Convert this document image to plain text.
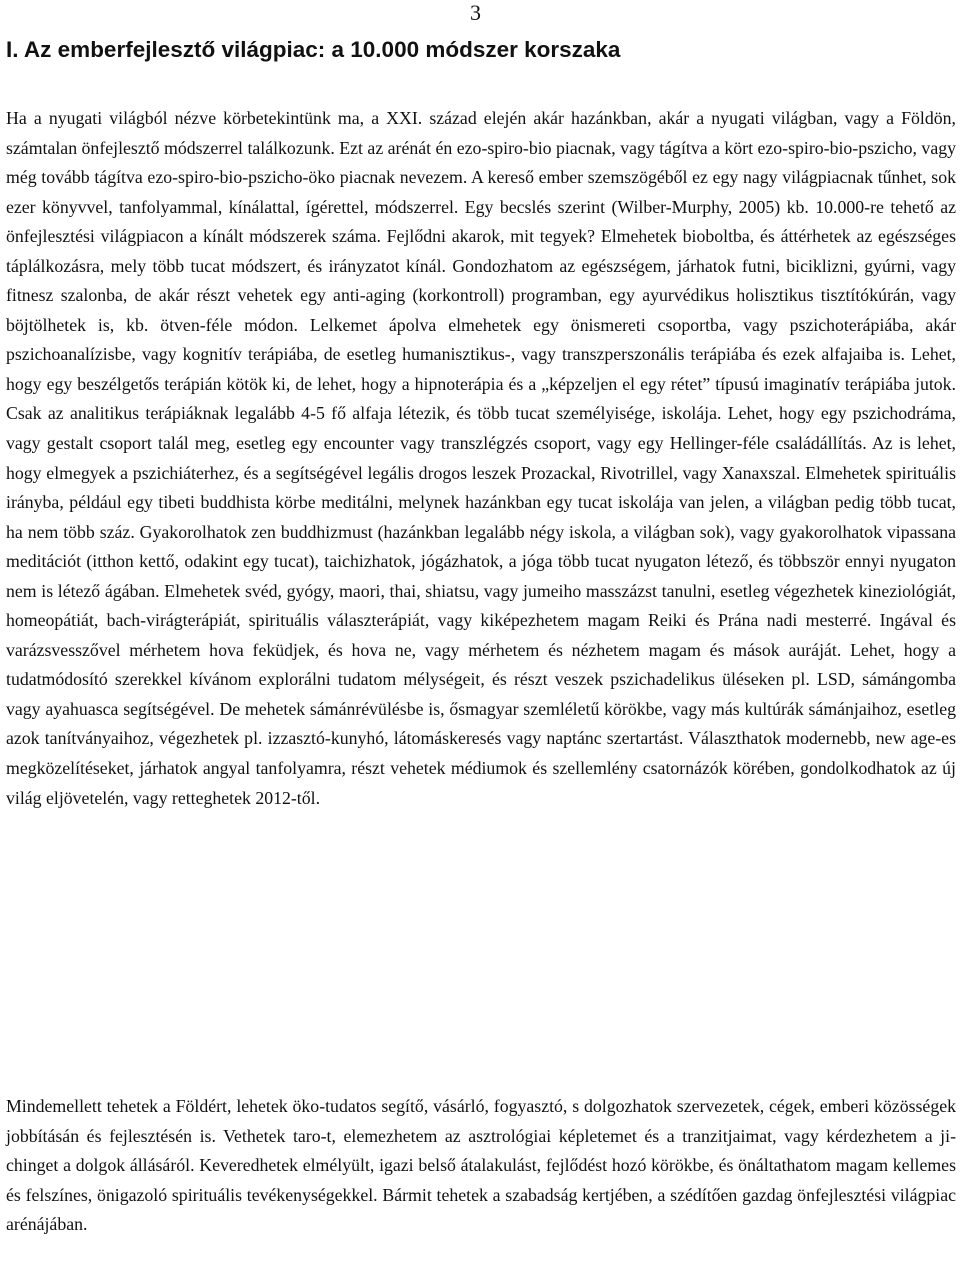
3
I. Az emberfejlesztő világpiac: a 10.000 módszer korszaka

Ha a nyugati világból nézve körbetekintünk ma, a XXI. század elején akár hazánkban, akár a nyugati világban, vagy a Földön, számtalan önfejlesztő módszerrel találkozunk. Ezt az arénát én ezo-spiro-bio piacnak, vagy tágítva a kört ezo-spiro-bio-pszicho, vagy még tovább tágítva ezo-spiro-bio-pszicho-öko piacnak nevezem. A kereső ember szemszögéből ez egy nagy világpiacnak tűnhet, sok ezer könyvvel, tanfolyammal, kínálattal, ígérettel, módszerrel. Egy becslés szerint (Wilber-Murphy, 2005) kb. 10.000-re tehető az önfejlesztési világpiacon a kínált módszerek száma. Fejlődni akarok, mit tegyek? Elmehetek bioboltba, és áttérhetek az egészséges táplálkozásra, mely több tucat módszert, és irányzatot kínál. Gondozhatom az egészségem, járhatok futni, biciklizni, gyúrni, vagy fitnesz szalonba, de akár részt vehetek egy anti-aging (korkontroll) programban, egy ayurvédikus holisztikus tisztítókúrán, vagy böjtölhetek is, kb. ötven-féle módon. Lelkemet ápolva elmehetek egy önismereti csoportba, vagy pszichoterápiába, akár pszichoanalízisbe, vagy kognitív terápiába, de esetleg humanisztikus-, vagy transzperszonális terápiába és ezek alfajaiba is. Lehet, hogy egy beszélgetős terápián kötök ki, de lehet, hogy a hipnoterápia és a „képzeljen el egy rétet” típusú imaginatív terápiába jutok. Csak az analitikus terápiáknak legalább 4-5 fő alfaja létezik, és több tucat személyisége, iskolája. Lehet, hogy egy pszichodráma, vagy gestalt csoport talál meg, esetleg egy encounter vagy transzlégzés csoport, vagy egy Hellinger-féle családállítás. Az is lehet, hogy elmegyek a pszichiáterhez, és a segítségével legális drogos leszek Prozackal, Rivotrillel, vagy Xanaxszal. Elmehetek spirituális irányba, például egy tibeti buddhista körbe meditálni, melynek hazánkban egy tucat iskolája van jelen, a világban pedig több tucat, ha nem több száz. Gyakorolhatok zen buddhizmust (hazánkban legalább négy iskola, a világban sok), vagy gyakorolhatok vipassana meditációt (itthon kettő, odakint egy tucat), taichizhatok, jógázhatok, a jóga több tucat nyugaton létező, és többször ennyi nyugaton nem is létező ágában. Elmehetek svéd, gyógy, maori, thai, shiatsu, vagy jumeiho masszázst tanulni, esetleg végezhetek kineziológiát, homeopátiát, bach-virágterápiát, spirituális választerápiát, vagy kiképezhetem magam Reiki és Prána nadi mesterré. Ingával és varázsvesszővel mérhetem hova feküdjek, és hova ne, vagy mérhetem és nézhetem magam és mások auráját. Lehet, hogy a tudatmódosító szerekkel kívánom explorálni tudatom mélységeit, és részt veszek pszichadelikus üléseken pl. LSD, sámángomba vagy ayahuasca segítségével. De mehetek sámánrévülésbe is, ősmagyar szemléletű körökbe, vagy más kultúrák sámánjaihoz, esetleg azok tanítványaihoz, végezhetek pl. izzasztó-kunyhó, látomáskeresés vagy naptánc szertartást. Választhatok modernebb, new age-es megközelítéseket, járhatok angyal tanfolyamra, részt vehetek médiumok és szellemlény csatornázók körében, gondolkodhatok az új világ eljövetelén, vagy retteghetek 2012-től.

Mindemellett tehetek a Földért, lehetek öko-tudatos segítő, vásárló, fogyasztó, s dolgozhatok szervezetek, cégek, emberi közösségek jobbításán és fejlesztésén is. Vethetek taro-t, elemezhetem az asztrológiai képletemet és a tranzitjaimat, vagy kérdezhetem a ji-chinget a dolgok állásáról. Keveredhetek elmélyült, igazi belső átalakulást, fejlődést hozó körökbe, és önáltathatom magam kellemes és felszínes, önigazoló spirituális tevékenységekkel. Bármit tehetek a szabadság kertjében, a szédítően gazdag önfejlesztési világpiac arénájában.
